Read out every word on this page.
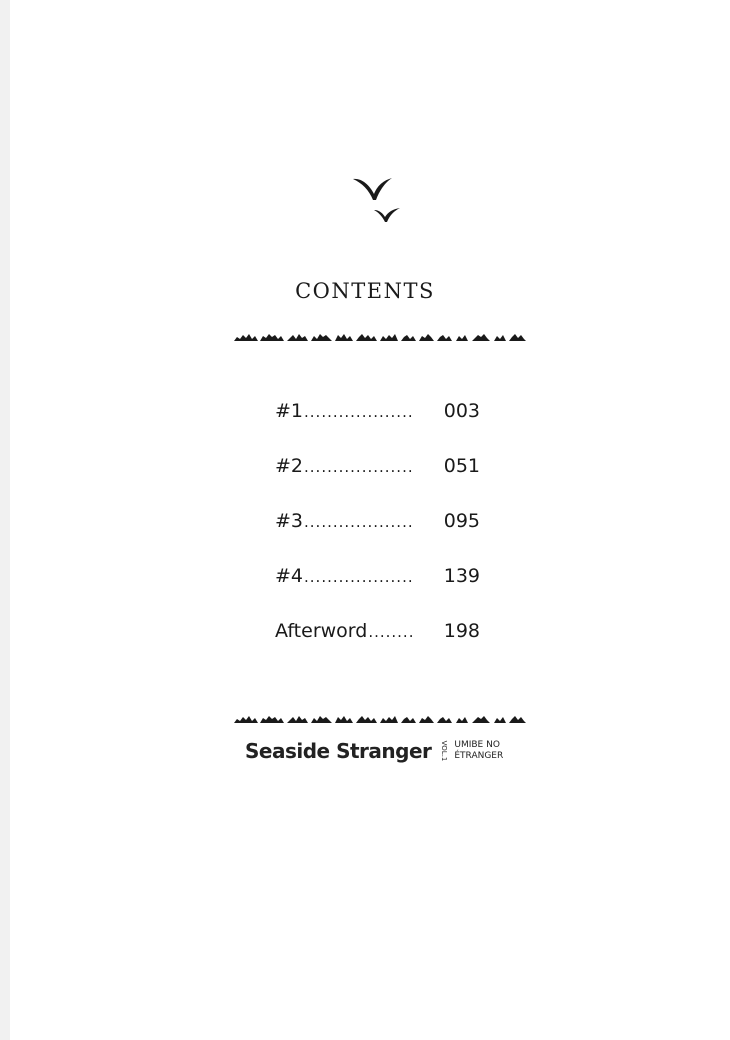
CONTENTS
#1 ...................	003
#2 ...................	051
#3 ...................	095
#4 ...................	139
Afterword ........	198
Seaside Stranger VOL.1 UMIBE NO
ÉTRANGER
